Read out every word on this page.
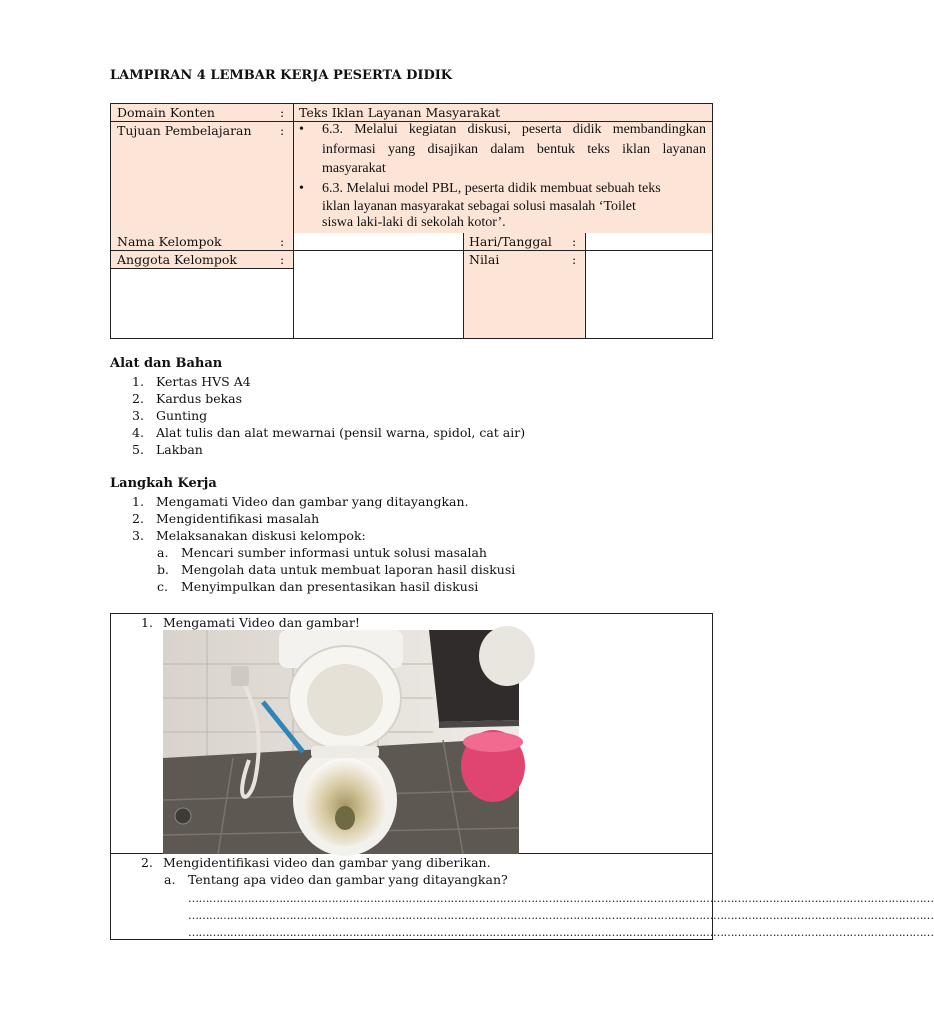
LAMPIRAN 4 LEMBAR KERJA PESERTA DIDIK
Domain Konten	: Teks Iklan Layanan Masyarakat
Tujuan Pembelajaran : • 6.3. Melalui kegiatan diskusi, peserta didik membandingkan
informasi yang disajikan dalam bentuk teks iklan layanan
masyarakat
• 6.3. Melalui model PBL, peserta didik membuat sebuah teks
iklan layanan masyarakat sebagai solusi masalah ‘Toilet
siswa laki-laki di sekolah kotor’.
Nama Kelompok	:	Hari/Tanggal :
Anggota Kelompok	:	Nilai	:
Alat dan Bahan
1. Kertas HVS A4
2. Kardus bekas
3. Gunting
4. Alat tulis dan alat mewarnai (pensil warna, spidol, cat air)
5. Lakban
Langkah Kerja
1. Mengamati Video dan gambar yang ditayangkan.
2. Mengidentifikasi masalah
3. Melaksanakan diskusi kelompok:
a. Mencari sumber informasi untuk solusi masalah
b. Mengolah data untuk membuat laporan hasil diskusi
c. Menyimpulkan dan presentasikan hasil diskusi
1. Mengamati Video dan gambar!
2. Mengidentifikasi video dan gambar yang diberikan.
a. Tentang apa video dan gambar yang ditayangkan?
……………………………………………………………………………………………………………………………………………………………………………………………
……………………………………………………………………………………………………………………………………………………………………………………………
……………………………………………………………………………………………………………………………………………………………………………………………
